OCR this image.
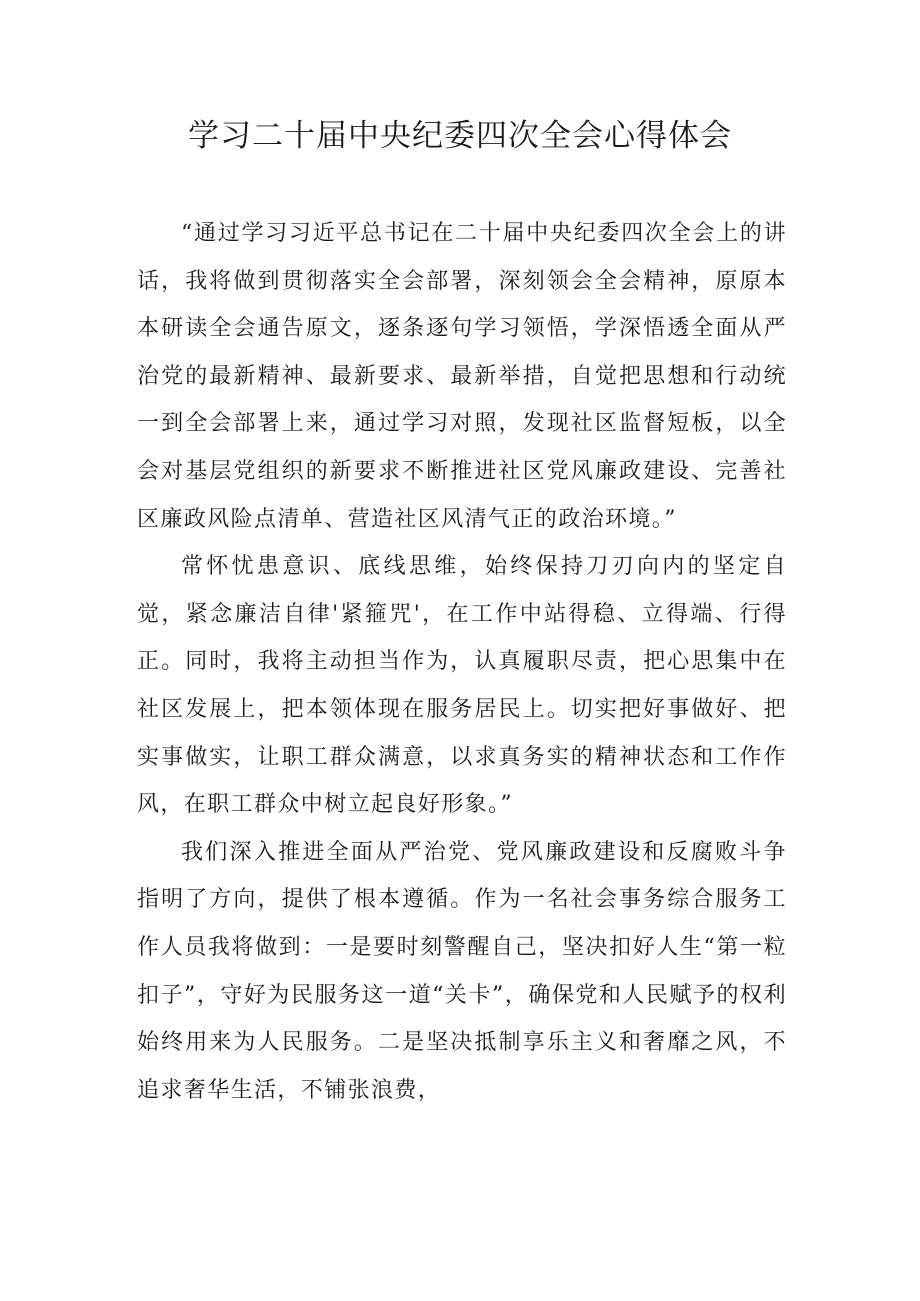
学习二十届中央纪委四次全会心得体会

“通过学习习近平总书记在二十届中央纪委四次全会上的讲话，我将做到贯彻落实全会部署，深刻领会全会精神，原原本本研读全会通告原文，逐条逐句学习领悟，学深悟透全面从严治党的最新精神、最新要求、最新举措，自觉把思想和行动统一到全会部署上来，通过学习对照，发现社区监督短板，以全会对基层党组织的新要求不断推进社区党风廉政建设、完善社区廉政风险点清单、营造社区风清气正的政治环境。”

常怀忧患意识、底线思维，始终保持刀刃向内的坚定自觉，紧念廉洁自律'紧箍咒'，在工作中站得稳、立得端、行得正。同时，我将主动担当作为，认真履职尽责，把心思集中在社区发展上，把本领体现在服务居民上。切实把好事做好、把实事做实，让职工群众满意，以求真务实的精神状态和工作作风，在职工群众中树立起良好形象。”

我们深入推进全面从严治党、党风廉政建设和反腐败斗争指明了方向，提供了根本遵循。作为一名社会事务综合服务工作人员我将做到：一是要时刻警醒自己，坚决扣好人生“第一粒扣子”，守好为民服务这一道“关卡”，确保党和人民赋予的权利始终用来为人民服务。二是坚决抵制享乐主义和奢靡之风，不追求奢华生活，不铺张浪费，
